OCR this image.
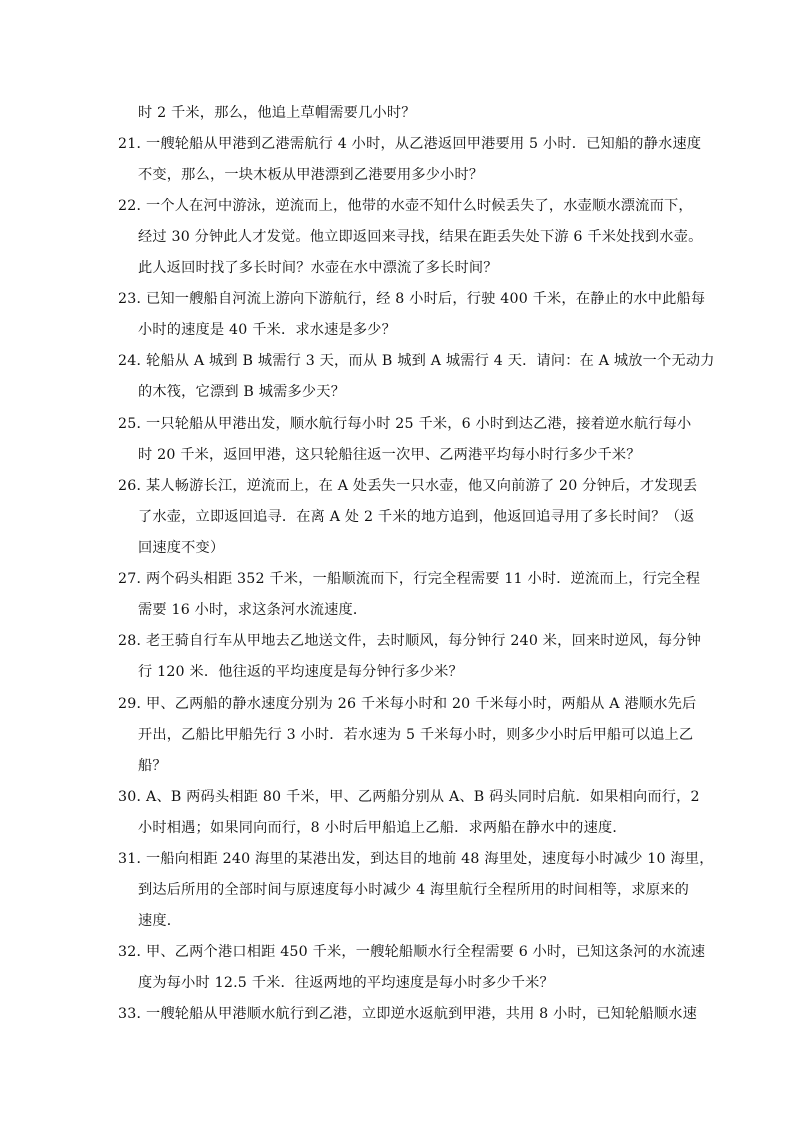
时 2 千米，那么，他追上草帽需要几小时？
21．
一艘轮船从甲港到乙港需航行 4 小时，从乙港返回甲港要用 5 小时．已知船的静水速度
不变，那么，一块木板从甲港漂到乙港要用多少小时？
22．
一个人在河中游泳，逆流而上，他带的水壶不知什么时候丢失了，水壶顺水漂流而下，
经过 30 分钟此人才发觉。他立即返回来寻找，结果在距丢失处下游 6 千米处找到水壶。
此人返回时找了多长时间？水壶在水中漂流了多长时间？
23．
已知一艘船自河流上游向下游航行，经 8 小时后，行驶 400 千米，在静止的水中此船每
小时的速度是 40 千米．求水速是多少？
24．
轮船从 A 城到 B 城需行 3 天，而从 B 城到 A 城需行 4 天．请问：在 A 城放一个无动力
的木筏，它漂到 B 城需多少天？
25．
一只轮船从甲港出发，顺水航行每小时 25 千米，6 小时到达乙港，接着逆水航行每小
时 20 千米，返回甲港，这只轮船往返一次甲、乙两港平均每小时行多少千米？
26．
某人畅游长江，逆流而上，在 A 处丢失一只水壶，他又向前游了 20 分钟后，才发现丢
了水壶，立即返回追寻．在离 A 处 2 千米的地方追到，他返回追寻用了多长时间？（返
回速度不变）
27．
两个码头相距 352 千米，一船顺流而下，行完全程需要 11 小时．逆流而上，行完全程
需要 16 小时，求这条河水流速度．
28．
老王骑自行车从甲地去乙地送文件，去时顺风，每分钟行 240 米，回来时逆风，每分钟
行 120 米．他往返的平均速度是每分钟行多少米？
29．
甲、乙两船的静水速度分别为 26 千米每小时和 20 千米每小时，两船从 A 港顺水先后
开出，乙船比甲船先行 3 小时．若水速为 5 千米每小时，则多少小时后甲船可以追上乙
船？
30．
A、B 两码头相距 80 千米，甲、乙两船分别从 A、B 码头同时启航．如果相向而行，2
小时相遇；如果同向而行，8 小时后甲船追上乙船．求两船在静水中的速度．
31．
一船向相距 240 海里的某港出发，到达目的地前 48 海里处，速度每小时减少 10 海里，
到达后所用的全部时间与原速度每小时减少 4 海里航行全程所用的时间相等，求原来的
速度．
32．
甲、乙两个港口相距 450 千米，一艘轮船顺水行全程需要 6 小时，已知这条河的水流速
度为每小时 12.5 千米．往返两地的平均速度是每小时多少千米？
33．
一艘轮船从甲港顺水航行到乙港，立即逆水返航到甲港，共用 8 小时，已知轮船顺水速
